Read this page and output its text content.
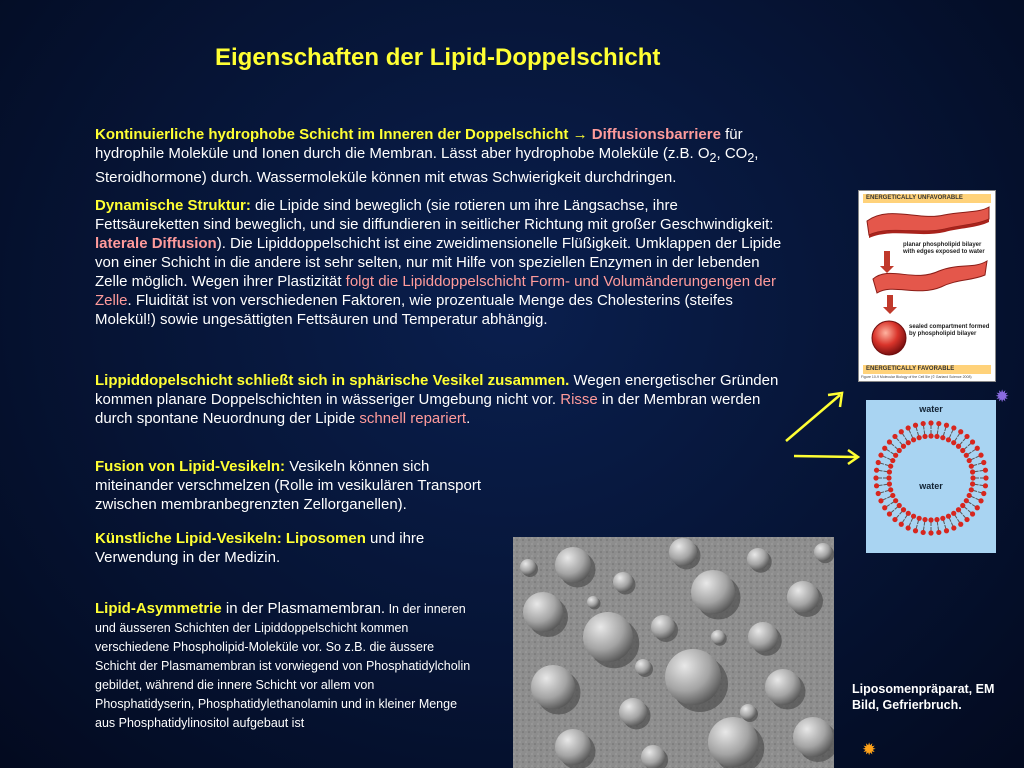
Eigenschaften der Lipid-Doppelschicht
Kontinuierliche hydrophobe Schicht im Inneren der Doppelschicht → Diffusionsbarriere für hydrophile Moleküle und Ionen durch die Membran. Lässt aber hydrophobe Moleküle (z.B. $O_2$, $CO_2$, Steroidhormone) durch. Wassermoleküle können mit etwas Schwierigkeit durchdringen.
Dynamische Struktur: die Lipide sind beweglich (sie rotieren um ihre Längsachse, ihre Fettsäureketten sind beweglich, und sie diffundieren in seitlicher Richtung mit großer Geschwindigkeit: laterale Diffusion). Die Lipiddoppelschicht ist eine zweidimensionelle Flüßigkeit. Umklappen der Lipide von einer Schicht in die andere ist sehr selten, nur mit Hilfe von speziellen Enzymen in der lebenden Zelle möglich. Wegen ihrer Plastizität folgt die Lipiddoppelschicht Form- und Volumänderungengen der Zelle. Fluidität ist von verschiedenen Faktoren, wie prozentuale Menge des Cholesterins (steifes Molekül!) sowie ungesättigten Fettsäuren und Temperatur abhängig.
Lippiddopelschicht schließt sich in sphärische Vesikel zusammen. Wegen energetischer Gründen kommen planare Doppelschichten in wässeriger Umgebung nicht vor. Risse in der Membran werden durch spontane Neuordnung der Lipide schnell repariert.
Fusion von Lipid-Vesikeln: Vesikeln können sich miteinander verschmelzen (Rolle im vesikulären Transport zwischen membranbegrenzten Zellorganellen).
Künstliche Lipid-Vesikeln: Liposomen und ihre Verwendung in der Medizin.
Lipid-Asymmetrie in der Plasmamembran. In der inneren und äusseren Schichten der Lipiddoppelschicht kommen verschiedene Phospholipid-Moleküle vor. So z.B. die äussere Schicht der Plasmamembran ist vorwiegend von Phosphatidylcholin gebildet, während die innere Schicht vor allem von Phosphatidyserin, Phosphatidylethanolamin und in kleiner Menge aus Phosphatidylinositol aufgebaut ist
ENERGETICALLY UNFAVORABLE
planar phospholipid bilayer with edges exposed to water
sealed compartment formed by phospholipid bilayer
ENERGETICALLY FAVORABLE
Figure 10-9 Molecular Biology of the Cell 5/e (© Garland Science 2008)
water
water
Liposomenpräparat, EM Bild, Gefrierbruch.
✹
✹
